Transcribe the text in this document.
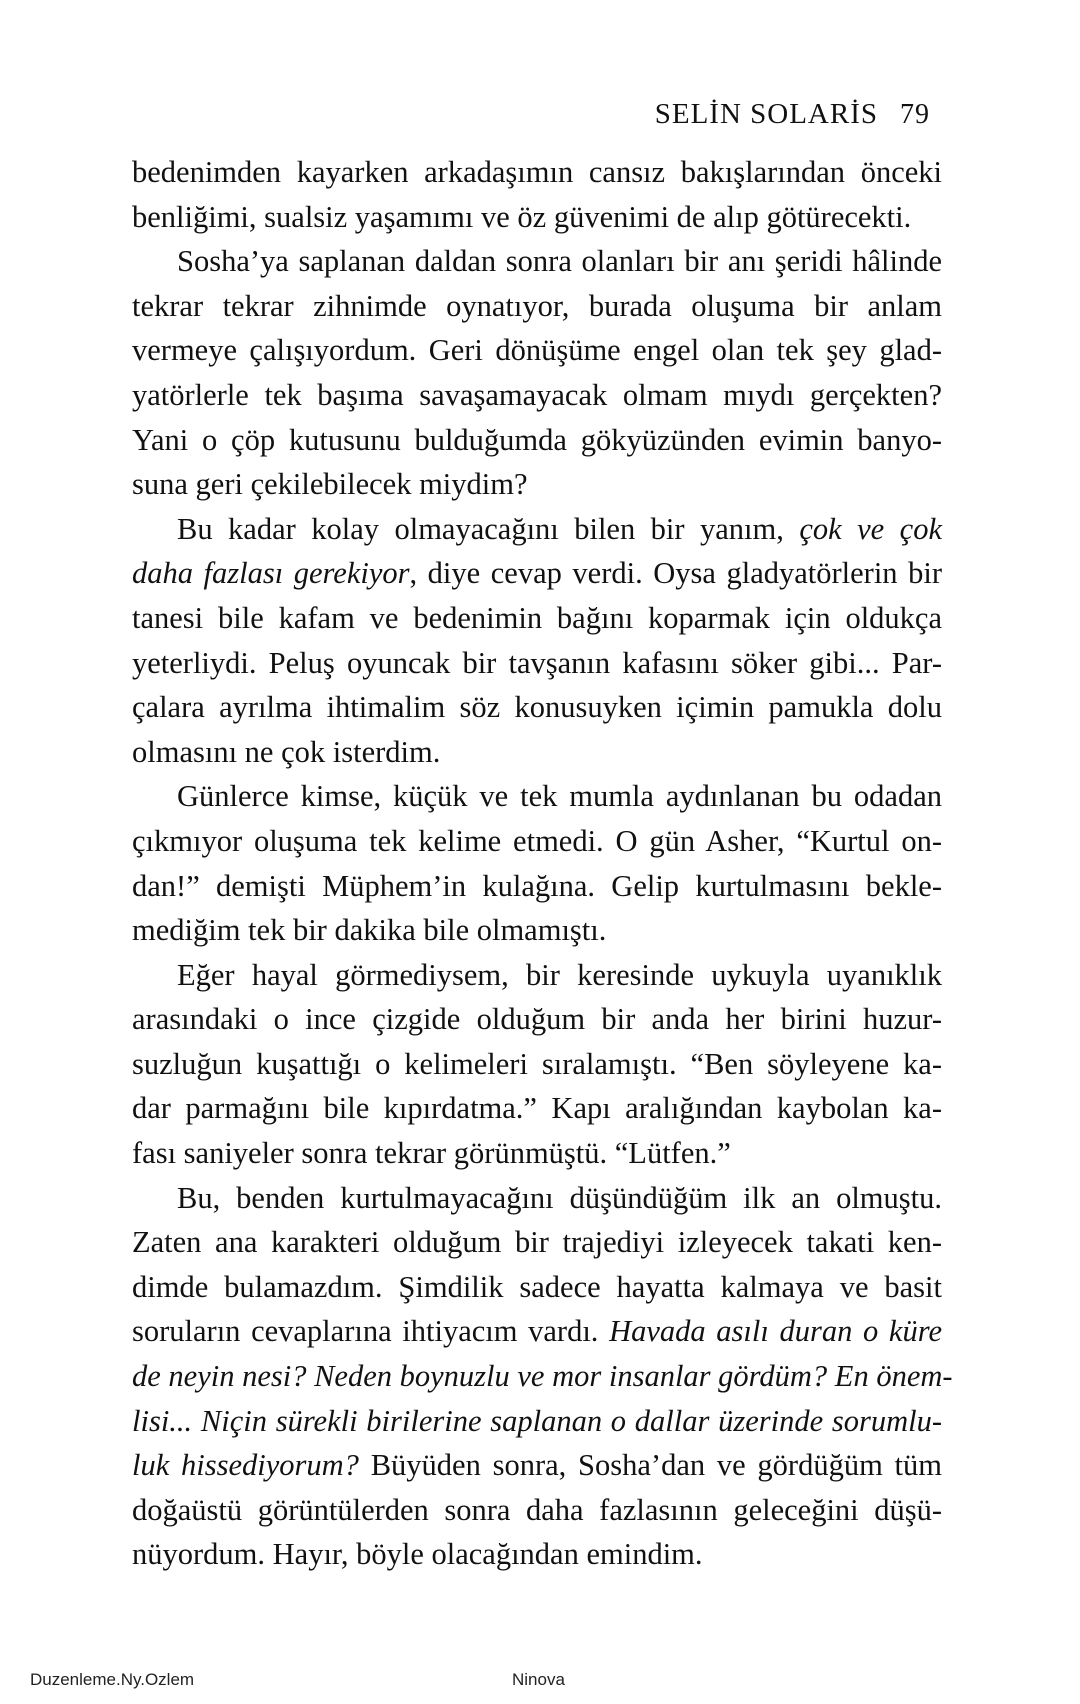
SELİN SOLARİS 79
bedenimden kayarken arkadaşımın cansız bakışlarından önceki
benliğimi, sualsiz yaşamımı ve öz güvenimi de alıp götürecekti.
Sosha’ya saplanan daldan sonra olanları bir anı şeridi hâlinde
tekrar tekrar zihnimde oynatıyor, burada oluşuma bir anlam
vermeye çalışıyordum. Geri dönüşüme engel olan tek şey glad-
yatörlerle tek başıma savaşamayacak olmam mıydı gerçekten?
Yani o çöp kutusunu bulduğumda gökyüzünden evimin banyo-
suna geri çekilebilecek miydim?
Bu kadar kolay olmayacağını bilen bir yanım, çok ve çok
daha fazlası gerekiyor, diye cevap verdi. Oysa gladyatörlerin bir
tanesi bile kafam ve bedenimin bağını koparmak için oldukça
yeterliydi. Peluş oyuncak bir tavşanın kafasını söker gibi... Par-
çalara ayrılma ihtimalim söz konusuyken içimin pamukla dolu
olmasını ne çok isterdim.
Günlerce kimse, küçük ve tek mumla aydınlanan bu odadan
çıkmıyor oluşuma tek kelime etmedi. O gün Asher, “Kurtul on-
dan!” demişti Müphem’in kulağına. Gelip kurtulmasını bekle-
mediğim tek bir dakika bile olmamıştı.
Eğer hayal görmediysem, bir keresinde uykuyla uyanıklık
arasındaki o ince çizgide olduğum bir anda her birini huzur-
suzluğun kuşattığı o kelimeleri sıralamıştı. “Ben söyleyene ka-
dar parmağını bile kıpırdatma.” Kapı aralığından kaybolan ka-
fası saniyeler sonra tekrar görünmüştü. “Lütfen.”
Bu, benden kurtulmayacağını düşündüğüm ilk an olmuştu.
Zaten ana karakteri olduğum bir trajediyi izleyecek takati ken-
dimde bulamazdım. Şimdilik sadece hayatta kalmaya ve basit
soruların cevaplarına ihtiyacım vardı. Havada asılı duran o küre
de neyin nesi? Neden boynuzlu ve mor insanlar gördüm? En önem-
lisi... Niçin sürekli birilerine saplanan o dallar üzerinde sorumlu-
luk hissediyorum? Büyüden sonra, Sosha’dan ve gördüğüm tüm
doğaüstü görüntülerden sonra daha fazlasının geleceğini düşü-
nüyordum. Hayır, böyle olacağından emindim.
Duzenleme.Ny.Ozlem	Ninova
